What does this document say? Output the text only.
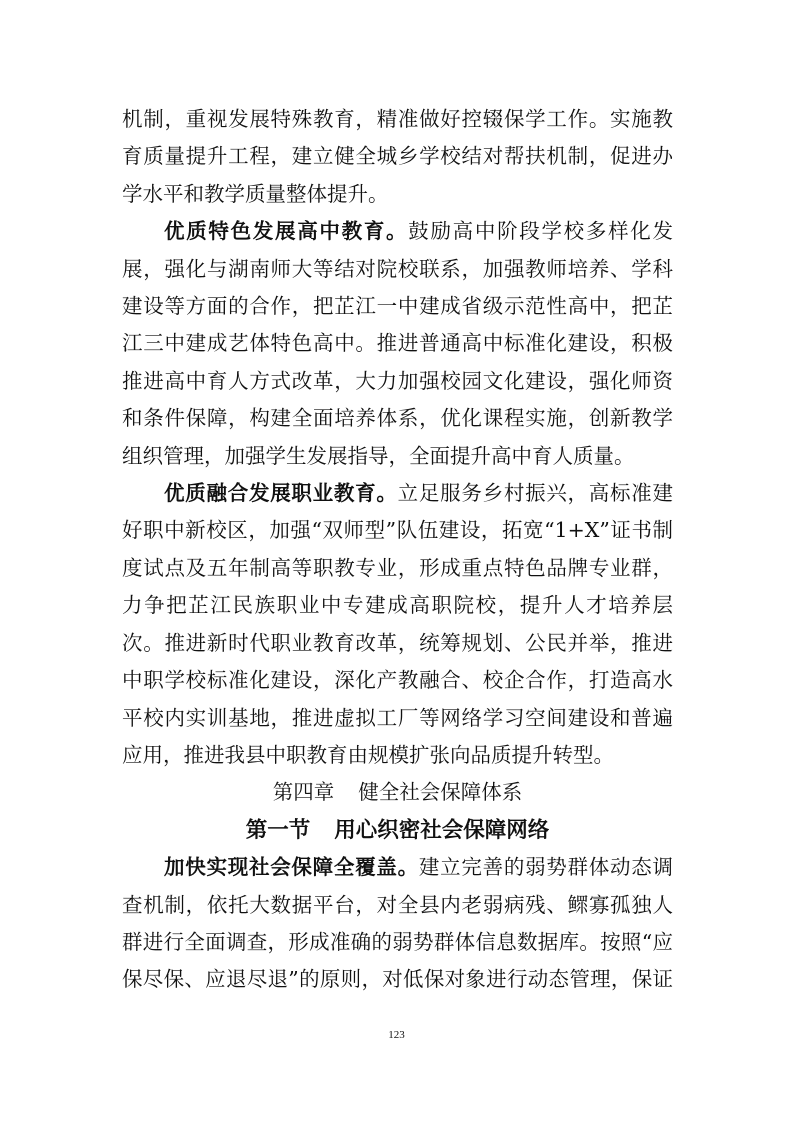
机制，重视发展特殊教育，精准做好控辍保学工作。实施教
育质量提升工程，建立健全城乡学校结对帮扶机制，促进办
学水平和教学质量整体提升。
优质特色发展高中教育。鼓励高中阶段学校多样化发
展，强化与湖南师大等结对院校联系，加强教师培养、学科
建设等方面的合作，把芷江一中建成省级示范性高中，把芷
江三中建成艺体特色高中。推进普通高中标准化建设，积极
推进高中育人方式改革，大力加强校园文化建设，强化师资
和条件保障，构建全面培养体系，优化课程实施，创新教学
组织管理，加强学生发展指导，全面提升高中育人质量。
优质融合发展职业教育。立足服务乡村振兴，高标准建
好职中新校区，加强“双师型”队伍建设，拓宽“1+X”证书制
度试点及五年制高等职教专业，形成重点特色品牌专业群，
力争把芷江民族职业中专建成高职院校，提升人才培养层
次。推进新时代职业教育改革，统筹规划、公民并举，推进
中职学校标准化建设，深化产教融合、校企合作，打造高水
平校内实训基地，推进虚拟工厂等网络学习空间建设和普遍
应用，推进我县中职教育由规模扩张向品质提升转型。
第四章 健全社会保障体系
第一节 用心织密社会保障网络
加快实现社会保障全覆盖。建立完善的弱势群体动态调
查机制，依托大数据平台，对全县内老弱病残、鳏寡孤独人
群进行全面调查，形成准确的弱势群体信息数据库。按照“应
保尽保、应退尽退”的原则，对低保对象进行动态管理，保证
123
